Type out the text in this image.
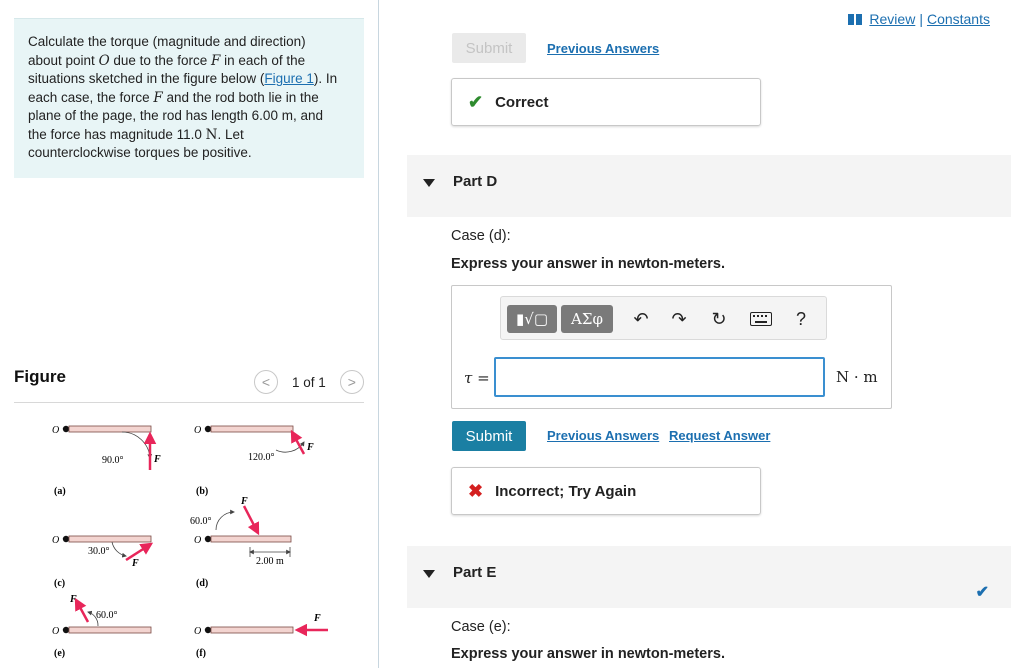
Calculate the torque (magnitude and direction)

about point O due to the force F in each of the

situations sketched in the figure below (Figure 1). In

each case, the force F and the rod both lie in the

plane of the page, the rod has length 6.00 m, and

the force has magnitude 11.0 N. Let

counterclockwise torques be positive.

Figure	<	1 of 1	>
O
F
90.0°
(a)
O
F
120.0°
(b)
O
F
30.0°
(c)
O
F
60.0°
2.00 m
(d)
O
F
60.0°
(e)
O
F
(f)
Review | Constants
Submit	Previous Answers
✔ Correct
Part D
Case (d):
Express your answer in newton-meters.
▮√▢	ΑΣφ	↶ ↷ ↻	?
τ =	N · m
Submit	Previous Answers Request Answer
✖ Incorrect; Try Again
Part E
✔
Case (e):
Express your answer in newton-meters.
